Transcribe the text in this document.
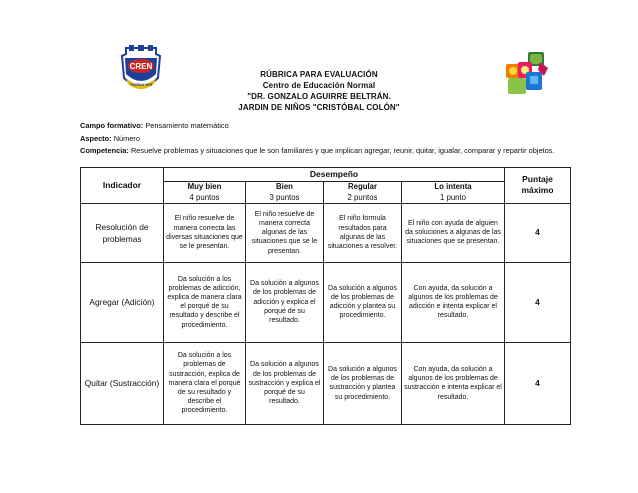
CREN
TUXPAN VER
RÚBRICA PARA EVALUACIÓN
Centro de Educación Normal
"DR. GONZALO AGUIRRE BELTRÁN.
JARDIN DE NIÑOS "CRISTÓBAL COLÓN"
Campo formativo: Pensamiento matemático
Aspecto: Número
Competencia: Resuelve problemas y situaciones que le son familiares y que implican agregar, reunir, quitar, igualar, comparar y repartir objetos.
Indicador	Desempeño				Puntaje máximo
	Muy bien	Bien	Regular	Lo intenta	
	4 puntos	3 puntos	2 puntos	1 punto	
Resolución de problemas	El niño resuelve de manera correcta las diversas situaciones que se le presentan.	El niño resuelve de manera correcta algunas de las situaciones que se le presentan.	El niño formula resultados para algunas de las situaciones a resolver.	El niño con ayuda de alguien da soluciones a algunas de las situaciones que se presentan.	4
Agregar (Adición)	Da solución a los problemas de adicción, explica de manera clara el porqué de su resultado y describe el procedimiento.	Da solución a algunos de los problemas de adicción y explica el porqué de su resultado.	Da solución a algunos de los problemas de adicción y plantea su procedimiento.	Con ayuda, da solución a algunos de los problemas de adicción e intenta explicar el resultado.	4
Quitar (Sustracción)	Da solución a los problemas de sustracción, explica de manera clara el porqué de su resultado y describe el procedimiento.	Da solución a algunos de los problemas de sustracción y explica el porqué de su resultado.	Da solución a algunos de los problemas de sustracción y plantea su procedimiento.	Con ayuda, da solución a algunos de los problemas de sustracción e intenta explicar el resultado.	4
